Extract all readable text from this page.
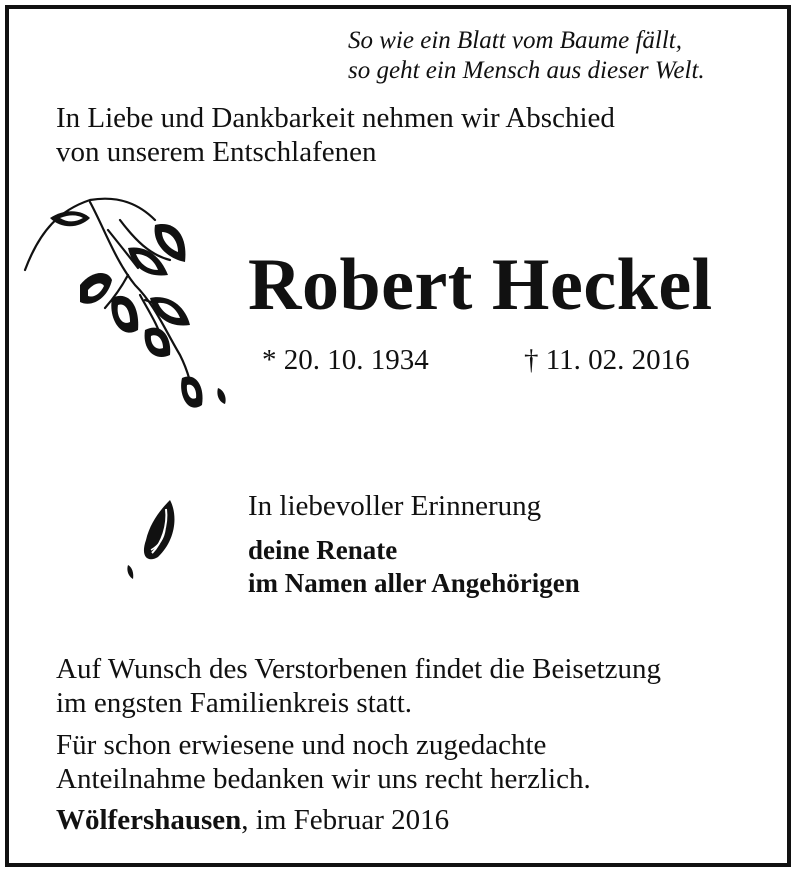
So wie ein Blatt vom Baume fällt,
so geht ein Mensch aus dieser Welt.
In Liebe und Dankbarkeit nehmen wir Abschied
von unserem Entschlafenen
Robert Heckel
* 20. 10. 1934	† 11. 02. 2016
In liebevoller Erinnerung
deine Renate
im Namen aller Angehörigen
Auf Wunsch des Verstorbenen findet die Beisetzung
im engsten Familienkreis statt.
Für schon erwiesene und noch zugedachte
Anteilnahme bedanken wir uns recht herzlich.
Wölfershausen, im Februar 2016
